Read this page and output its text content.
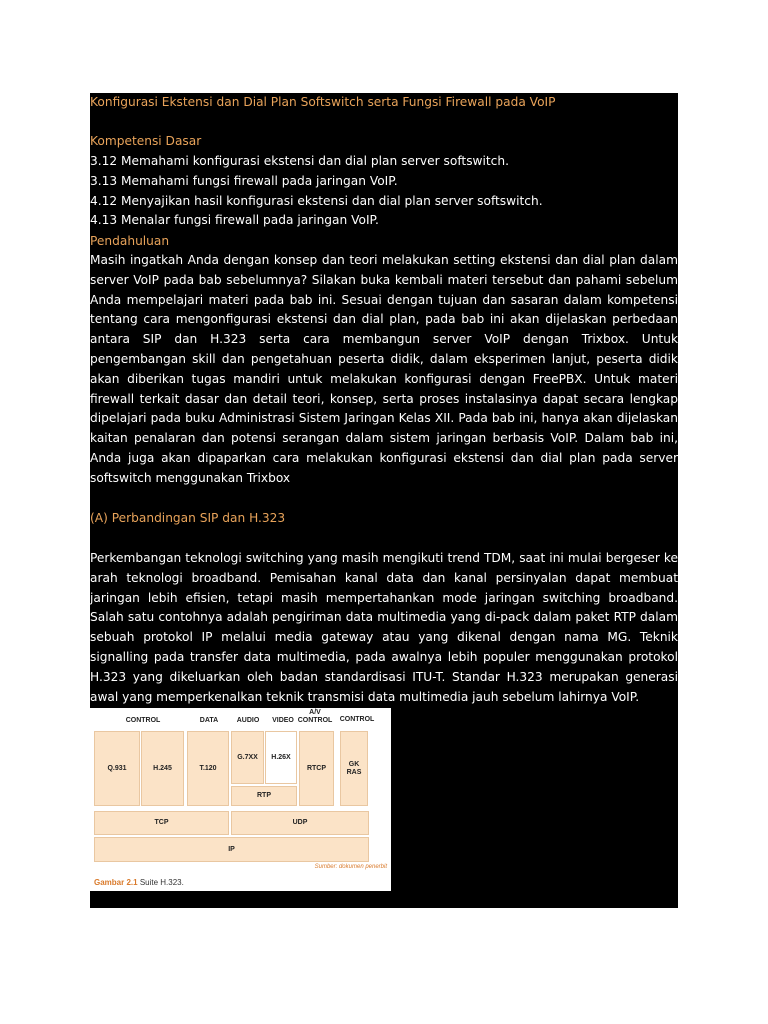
Konfigurasi Ekstensi dan Dial Plan Softswitch serta Fungsi Firewall pada VoIP
Kompetensi Dasar

3.12 Memahami konfigurasi ekstensi dan dial plan server softswitch.

3.13 Memahami fungsi firewall pada jaringan VoIP.

4.12 Menyajikan hasil konfigurasi ekstensi dan dial plan server softswitch.

4.13 Menalar fungsi firewall pada jaringan VoIP.

Pendahuluan
Masih ingatkah Anda dengan konsep dan teori melakukan setting ekstensi dan dial plan dalam server VoIP pada bab sebelumnya? Silakan buka kembali materi tersebut dan pahami sebelum Anda mempelajari materi pada bab ini. Sesuai dengan tujuan dan sasaran dalam kompetensi tentang cara mengonfigurasi ekstensi dan dial plan, pada bab ini akan dijelaskan perbedaan antara SIP dan H.323 serta cara membangun server VoIP dengan Trixbox. Untuk pengembangan skill dan pengetahuan peserta didik, dalam eksperimen lanjut, peserta didik akan diberikan tugas mandiri untuk melakukan konfigurasi dengan FreePBX. Untuk materi firewall terkait dasar dan detail teori, konsep, serta proses instalasinya dapat secara lengkap dipelajari pada buku Administrasi Sistem Jaringan Kelas XII. Pada bab ini, hanya akan dijelaskan kaitan penalaran dan potensi serangan dalam sistem jaringan berbasis VoIP. Dalam bab ini, Anda juga akan dipaparkan cara melakukan konfigurasi ekstensi dan dial plan pada server softswitch menggunakan Trixbox
(A) Perbandingan SIP dan H.323
Perkembangan teknologi switching yang masih mengikuti trend TDM, saat ini mulai bergeser ke arah teknologi broadband. Pemisahan kanal data dan kanal persinyalan dapat membuat jaringan lebih efisien, tetapi masih mempertahankan mode jaringan switching broadband. Salah satu contohnya adalah pengiriman data multimedia yang di-pack dalam paket RTP dalam sebuah protokol IP melalui media gateway atau yang dikenal dengan nama MG. Teknik signalling pada transfer data multimedia, pada awalnya lebih populer menggunakan protokol H.323 yang dikeluarkan oleh badan standardisasi ITU-T. Standar H.323 merupakan generasi awal yang memperkenalkan teknik transmisi data multimedia jauh sebelum lahirnya VoIP.
CONTROL	DATA	AUDIO	VIDEO
A/V
CONTROL	CONTROL
Q.931	H.245	T.120
G.7XX	H.26X
RTCP
GK
RAS
RTP
TCP	UDP
IP
Sumber: dokumen penerbit
Gambar 2.1 Suite H.323.
